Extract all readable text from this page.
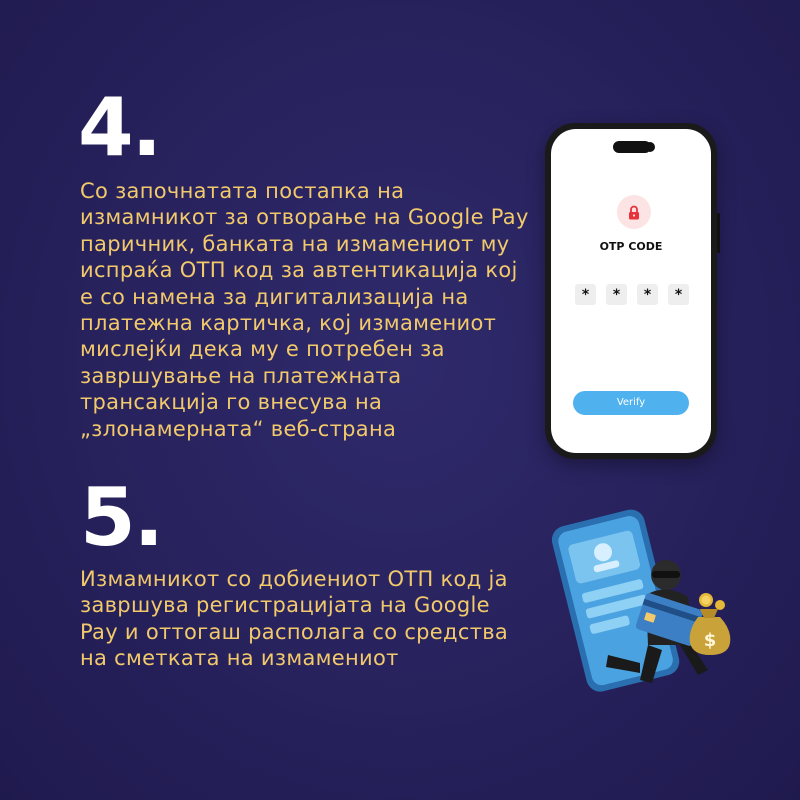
4.
Со започнатата постапка на
измамникот за отворање на Google Pay
паричник, банката на измамениот му
испраќа ОТП код за автентикација кој
е со намена за дигитализација на
платежна картичка, кој измамениот
мислејќи дека му е потребен за
завршување на платежната
трансакција го внесува на
„злонамерната“ веб-страна
OTP CODE
*	*	*	*
Verify
5.
Измамникот со добиениот ОТП код ја
завршува регистрацијата на Google
Pay и оттогаш располага со средства
на сметката на измамениот
$
